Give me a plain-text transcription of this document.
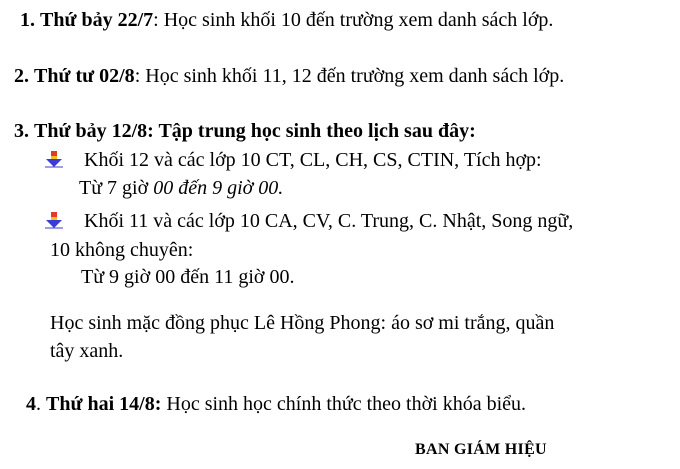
1. Thứ bảy 22/7: Học sinh khối 10 đến trường xem danh sách lớp.
2. Thứ tư 02/8: Học sinh khối 11, 12 đến trường xem danh sách lớp.
3. Thứ bảy 12/8: Tập trung học sinh theo lịch sau đây:
Khối 12 và các lớp 10 CT, CL, CH, CS, CTIN, Tích hợp:
Từ 7 giờ 00 đến 9 giờ 00.
Khối 11 và các lớp 10 CA, CV, C. Trung, C. Nhật, Song ngữ,
10 không chuyên:
Từ 9 giờ 00 đến 11 giờ 00.
Học sinh mặc đồng phục Lê Hồng Phong: áo sơ mi trắng, quần
tây xanh.
4. Thứ hai 14/8: Học sinh học chính thức theo thời khóa biểu.
BAN GIÁM HIỆU
